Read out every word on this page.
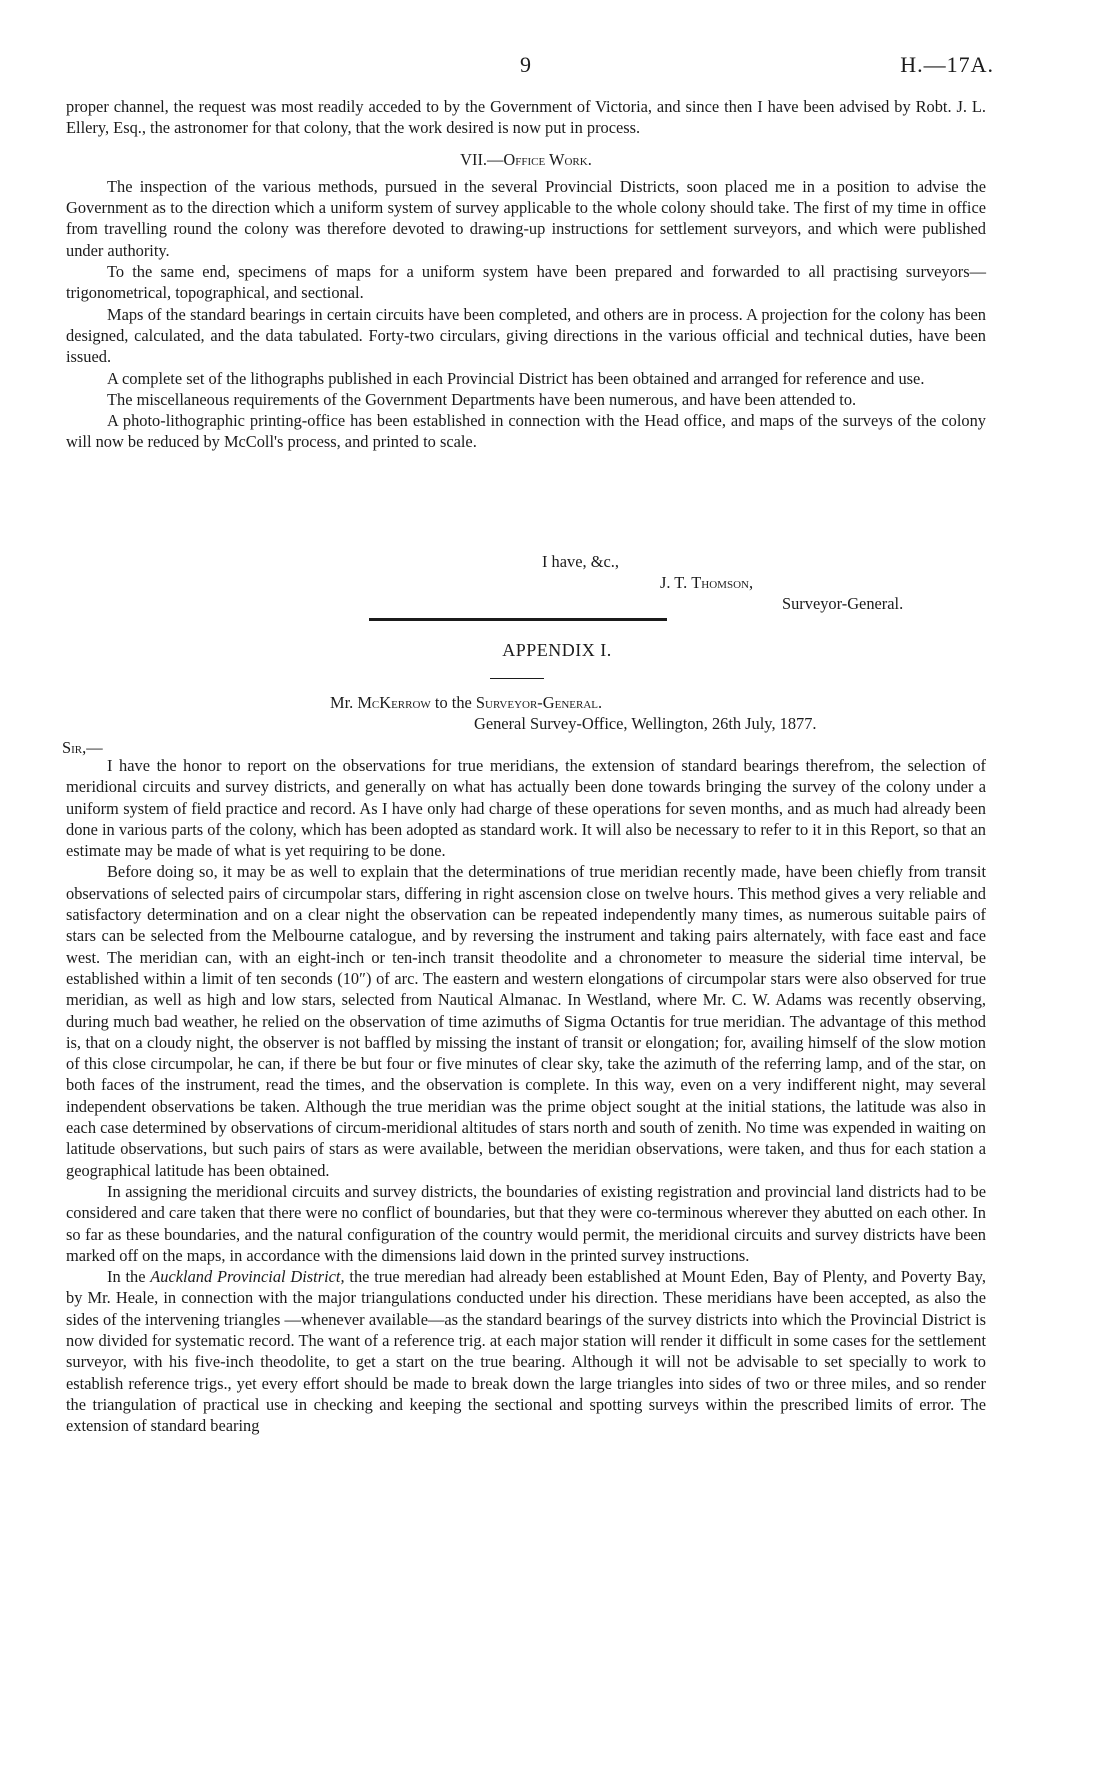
9	H.—17A.

proper channel, the request was most readily acceded to by the Government of Victoria, and since then I have been advised by Robt. J. L. Ellery, Esq., the astronomer for that colony, that the work desired is now put in process.

VII.—Office Work.

The inspection of the various methods, pursued in the several Provincial Districts, soon placed me in a position to advise the Government as to the direction which a uniform system of survey applicable to the whole colony should take. The first of my time in office from travelling round the colony was therefore devoted to drawing-up instructions for settlement surveyors, and which were published under authority.

To the same end, specimens of maps for a uniform system have been prepared and forwarded to all practising surveyors—trigonometrical, topographical, and sectional.

Maps of the standard bearings in certain circuits have been completed, and others are in process. A projection for the colony has been designed, calculated, and the data tabulated. Forty-two circulars, giving directions in the various official and technical duties, have been issued.

A complete set of the lithographs published in each Provincial District has been obtained and arranged for reference and use.

The miscellaneous requirements of the Government Departments have been numerous, and have been attended to.

A photo-lithographic printing-office has been established in connection with the Head office, and maps of the surveys of the colony will now be reduced by McColl's process, and printed to scale.

I have, &c.,
J. T. Thomson,
Surveyor-General.
APPENDIX I.
Mr. McKerrow to the Surveyor-General.
General Survey-Office, Wellington, 26th July, 1877.
Sir,—

I have the honor to report on the observations for true meridians, the extension of standard bearings therefrom, the selection of meridional circuits and survey districts, and generally on what has actually been done towards bringing the survey of the colony under a uniform system of field practice and record. As I have only had charge of these operations for seven months, and as much had already been done in various parts of the colony, which has been adopted as standard work. It will also be necessary to refer to it in this Report, so that an estimate may be made of what is yet requiring to be done.

Before doing so, it may be as well to explain that the determinations of true meridian recently made, have been chiefly from transit observations of selected pairs of circumpolar stars, differing in right ascension close on twelve hours. This method gives a very reliable and satisfactory determination and on a clear night the observation can be repeated independently many times, as numerous suitable pairs of stars can be selected from the Melbourne catalogue, and by reversing the instrument and taking pairs alternately, with face east and face west. The meridian can, with an eight-inch or ten-inch transit theodolite and a chronometer to measure the siderial time interval, be established within a limit of ten seconds (10″) of arc. The eastern and western elongations of circumpolar stars were also observed for true meridian, as well as high and low stars, selected from Nautical Almanac. In Westland, where Mr. C. W. Adams was recently observing, during much bad weather, he relied on the observation of time azimuths of Sigma Octantis for true meridian. The advantage of this method is, that on a cloudy night, the observer is not baffled by missing the instant of transit or elongation; for, availing himself of the slow motion of this close circumpolar, he can, if there be but four or five minutes of clear sky, take the azimuth of the referring lamp, and of the star, on both faces of the instrument, read the times, and the observation is complete. In this way, even on a very indifferent night, may several independent observations be taken. Although the true meridian was the prime object sought at the initial stations, the latitude was also in each case determined by observations of circum-meridional altitudes of stars north and south of zenith. No time was expended in waiting on latitude observations, but such pairs of stars as were available, between the meridian observations, were taken, and thus for each station a geographical latitude has been obtained.

In assigning the meridional circuits and survey districts, the boundaries of existing registration and provincial land districts had to be considered and care taken that there were no conflict of boundaries, but that they were co-terminous wherever they abutted on each other. In so far as these boundaries, and the natural configuration of the country would permit, the meridional circuits and survey districts have been marked off on the maps, in accordance with the dimensions laid down in the printed survey instructions.

In the Auckland Provincial District, the true meredian had already been established at Mount Eden, Bay of Plenty, and Poverty Bay, by Mr. Heale, in connection with the major triangulations conducted under his direction. These meridians have been accepted, as also the sides of the intervening triangles —whenever available—as the standard bearings of the survey districts into which the Provincial District is now divided for systematic record. The want of a reference trig. at each major station will render it difficult in some cases for the settlement surveyor, with his five-inch theodolite, to get a start on the true bearing. Although it will not be advisable to set specially to work to establish reference trigs., yet every effort should be made to break down the large triangles into sides of two or three miles, and so render the triangulation of practical use in checking and keeping the sectional and spotting surveys within the prescribed limits of error. The extension of standard bearing
